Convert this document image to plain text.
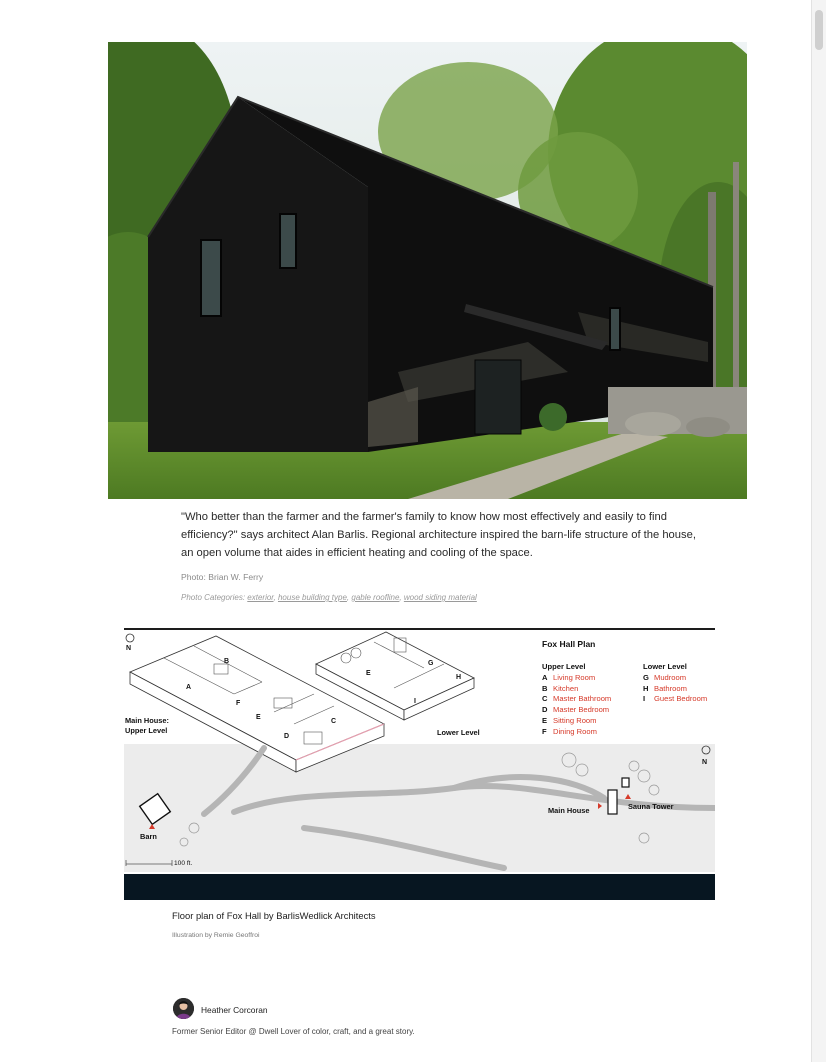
"Who better than the farmer and the farmer's family to know how most effectively and easily to find efficiency?" says architect Alan Barlis. Regional architecture inspired the barn-life structure of the house, an open volume that aides in efficient heating and cooling of the space.

Photo: Brian W. Ferry

Photo Categories: exterior, house building type, gable roofline, wood siding material

N
N
B
A
F
E
C
D
E
G
H
I
Main House:
Upper Level	Lower Level
Fox Hall Plan
Upper Level
A Living Room
B Kitchen
C Master Bathroom
D Master Bedroom
E Sitting Room
F Dining Room
Lower Level
G Mudroom
H Bathroom
I Guest Bedroom
Barn
Main House	Sauna Tower
100 ft.
Floor plan of Fox Hall by BarlisWedlick Architects
Illustration by Remie Geoffroi
Heather Corcoran
Former Senior Editor @ Dwell Lover of color, craft, and a great story.
